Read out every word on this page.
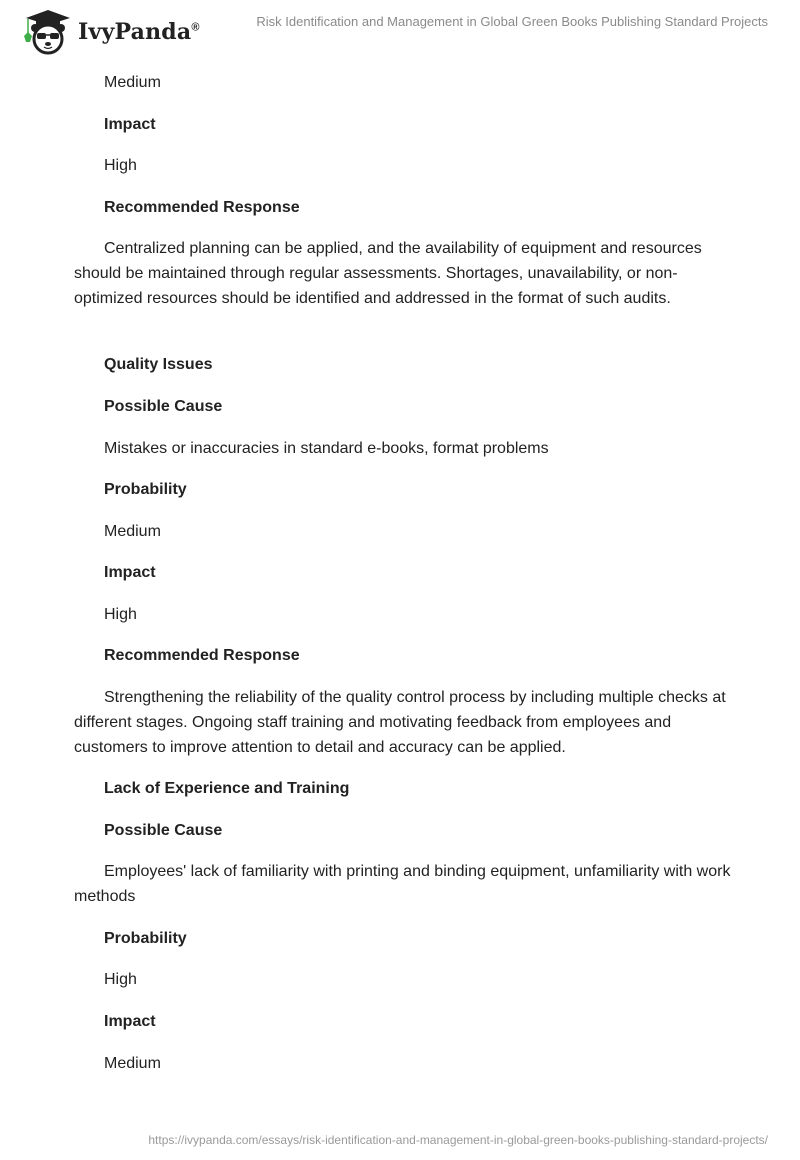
IvyPanda®	Risk Identification and Management in Global Green Books Publishing Standard Projects

Medium

Impact

High

Recommended Response

Centralized planning can be applied, and the availability of equipment and resources should be maintained through regular assessments. Shortages, unavailability, or non-optimized resources should be identified and addressed in the format of such audits.

Quality Issues

Possible Cause

Mistakes or inaccuracies in standard e-books, format problems

Probability

Medium

Impact

High

Recommended Response

Strengthening the reliability of the quality control process by including multiple checks at different stages. Ongoing staff training and motivating feedback from employees and customers to improve attention to detail and accuracy can be applied.

Lack of Experience and Training

Possible Cause

Employees' lack of familiarity with printing and binding equipment, unfamiliarity with work methods

Probability

High

Impact

Medium

https://ivypanda.com/essays/risk-identification-and-management-in-global-green-books-publishing-standard-projects/
